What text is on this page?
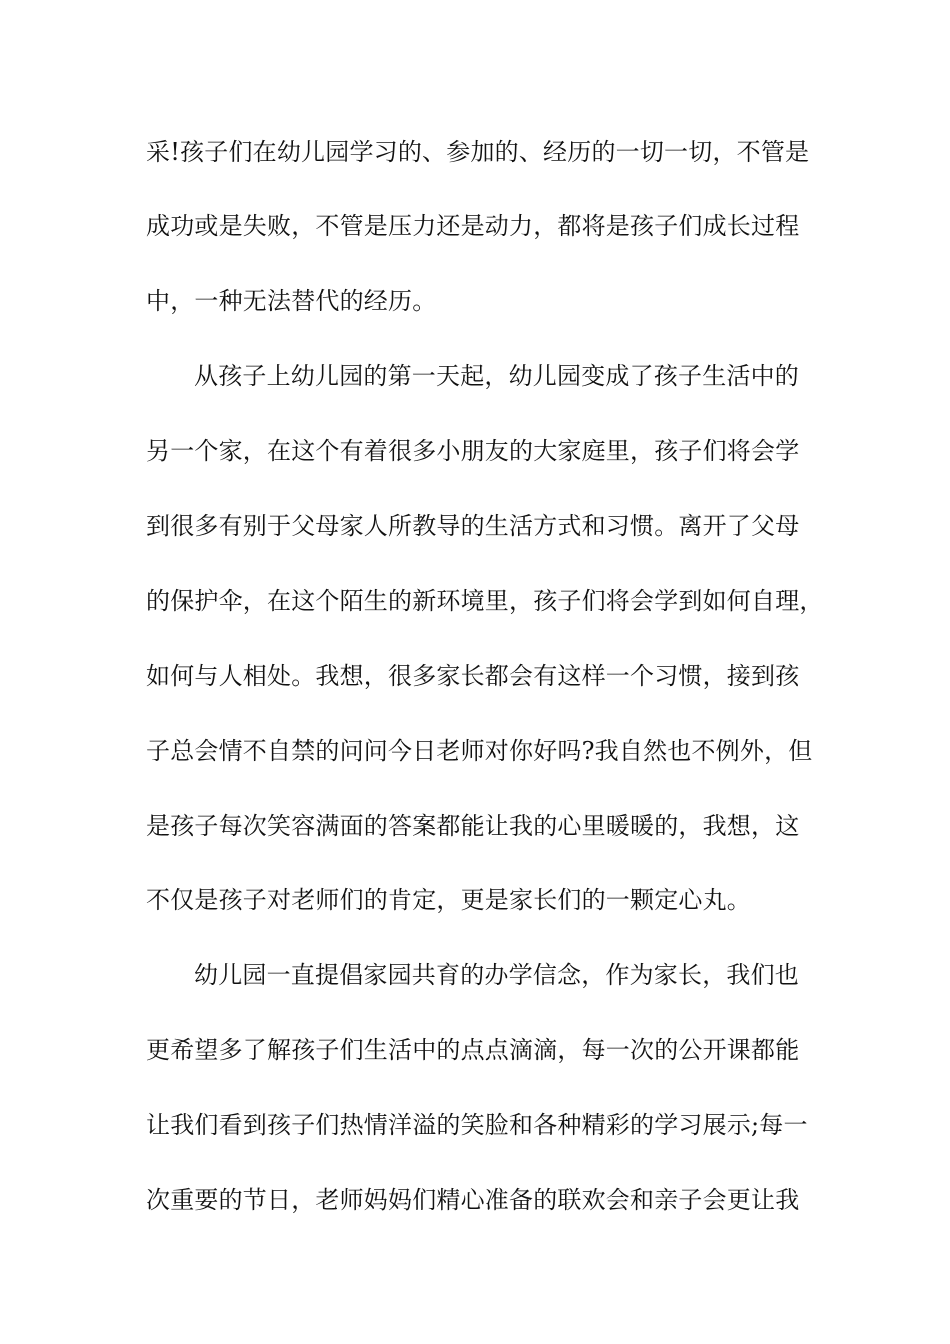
采!孩子们在幼儿园学习的、参加的、经历的一切一切，不管是
成功或是失败，不管是压力还是动力，都将是孩子们成长过程
中，一种无法替代的经历。
从孩子上幼儿园的第一天起，幼儿园变成了孩子生活中的
另一个家，在这个有着很多小朋友的大家庭里，孩子们将会学
到很多有别于父母家人所教导的生活方式和习惯。离开了父母
的保护伞，在这个陌生的新环境里，孩子们将会学到如何自理，
如何与人相处。我想，很多家长都会有这样一个习惯，接到孩
子总会情不自禁的问问今日老师对你好吗?我自然也不例外，但
是孩子每次笑容满面的答案都能让我的心里暖暖的，我想，这
不仅是孩子对老师们的肯定，更是家长们的一颗定心丸。
幼儿园一直提倡家园共育的办学信念，作为家长，我们也
更希望多了解孩子们生活中的点点滴滴，每一次的公开课都能
让我们看到孩子们热情洋溢的笑脸和各种精彩的学习展示;每一
次重要的节日，老师妈妈们精心准备的联欢会和亲子会更让我
